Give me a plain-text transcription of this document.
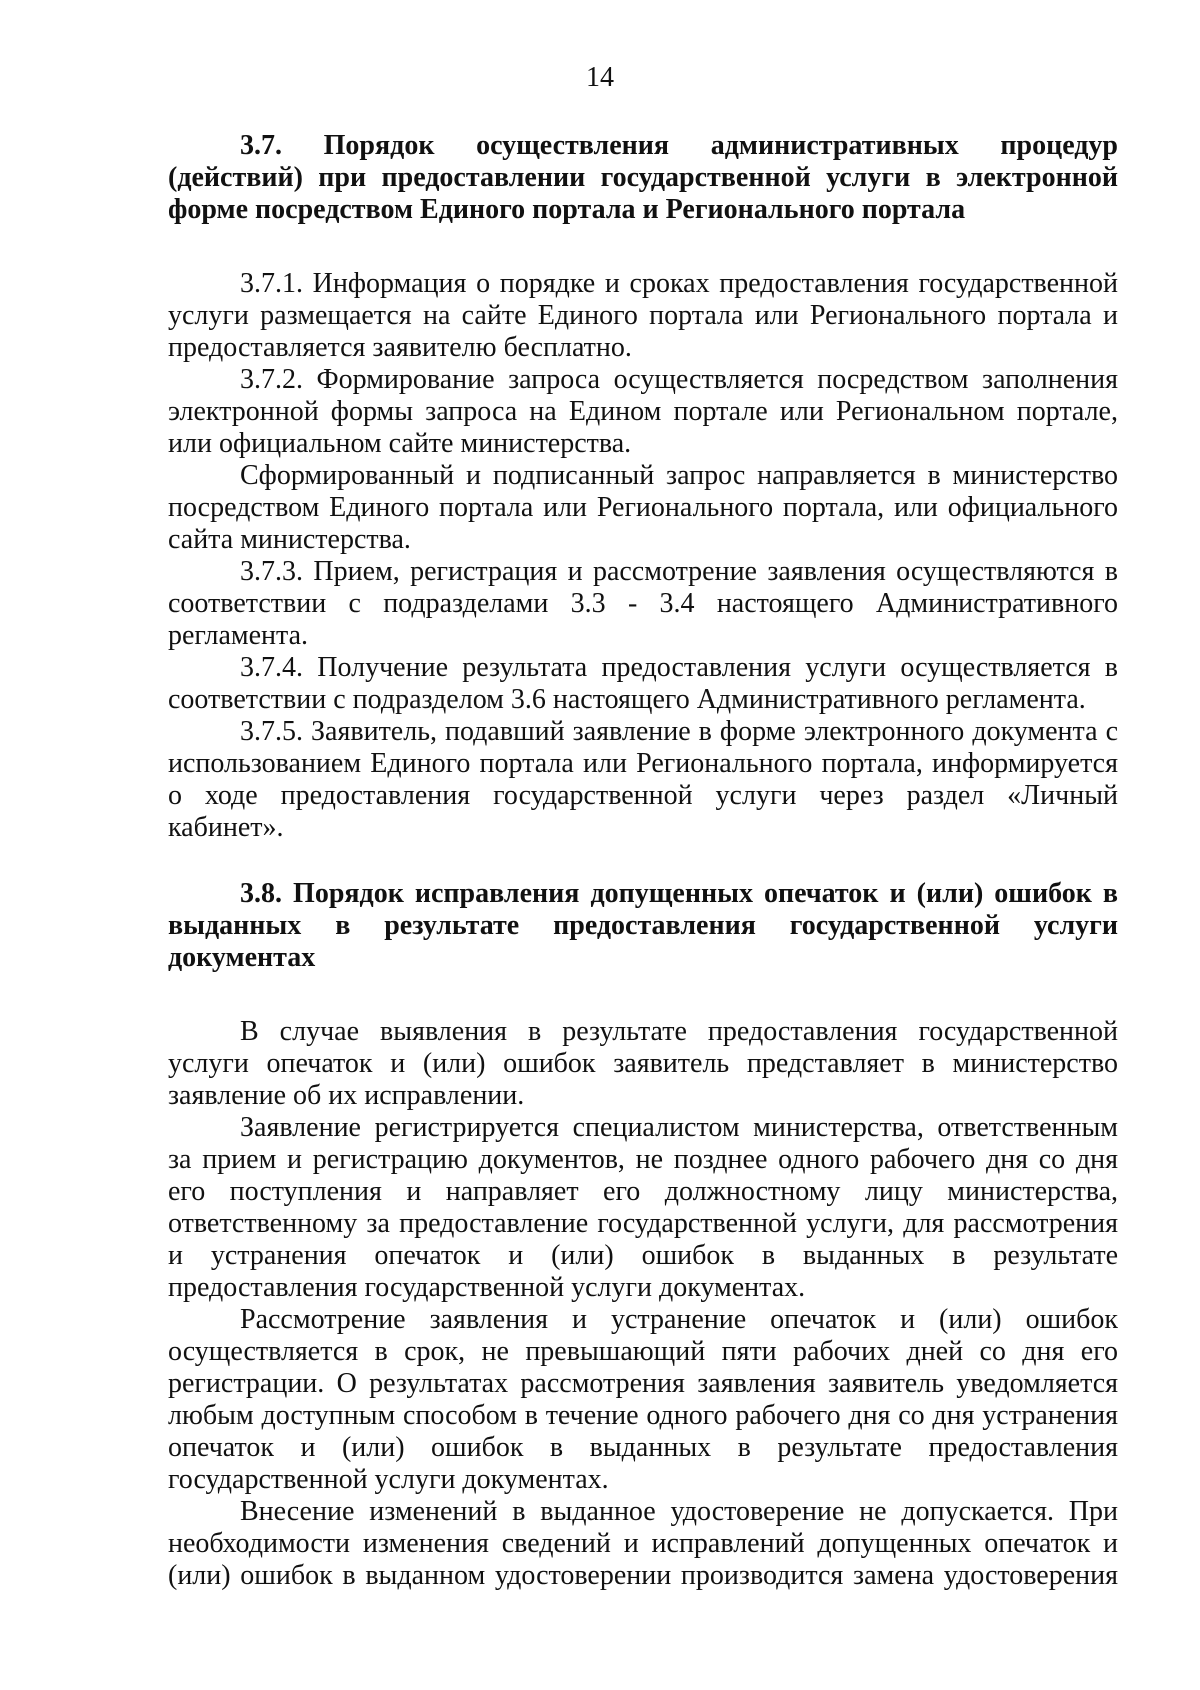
14

3.7. Порядок осуществления административных процедур (действий) при предоставлении государственной услуги в электронной форме посредством Единого портала и Регионального портала

3.7.1. Информация о порядке и сроках предоставления государственной услуги размещается на сайте Единого портала или Регионального портала и предоставляется заявителю бесплатно.

3.7.2. Формирование запроса осуществляется посредством заполнения электронной формы запроса на Едином портале или Региональном портале, или официальном сайте министерства.

Сформированный и подписанный запрос направляется в министерство посредством Единого портала или Регионального портала, или официального сайта министерства.

3.7.3. Прием, регистрация и рассмотрение заявления осуществляются в соответствии с подразделами 3.3 - 3.4 настоящего Административного регламента.

3.7.4. Получение результата предоставления услуги осуществляется в соответствии с подразделом 3.6 настоящего Административного регламента.

3.7.5. Заявитель, подавший заявление в форме электронного документа с использованием Единого портала или Регионального портала, информируется о ходе предоставления государственной услуги через раздел «Личный кабинет».

3.8. Порядок исправления допущенных опечаток и (или) ошибок в выданных в результате предоставления государственной услуги документах

В случае выявления в результате предоставления государственной услуги опечаток и (или) ошибок заявитель представляет в министерство заявление об их исправлении.

Заявление регистрируется специалистом министерства, ответственным за прием и регистрацию документов, не позднее одного рабочего дня со дня его поступления и направляет его должностному лицу министерства, ответственному за предоставление государственной услуги, для рассмотрения и устранения опечаток и (или) ошибок в выданных в результате предоставления государственной услуги документах.

Рассмотрение заявления и устранение опечаток и (или) ошибок осуществляется в срок, не превышающий пяти рабочих дней со дня его регистрации. О результатах рассмотрения заявления заявитель уведомляется любым доступным способом в течение одного рабочего дня со дня устранения опечаток и (или) ошибок в выданных в результате предоставления государственной услуги документах.

Внесение изменений в выданное удостоверение не допускается. При необходимости изменения сведений и исправлений допущенных опечаток и (или) ошибок в выданном удостоверении производится замена удостоверения
